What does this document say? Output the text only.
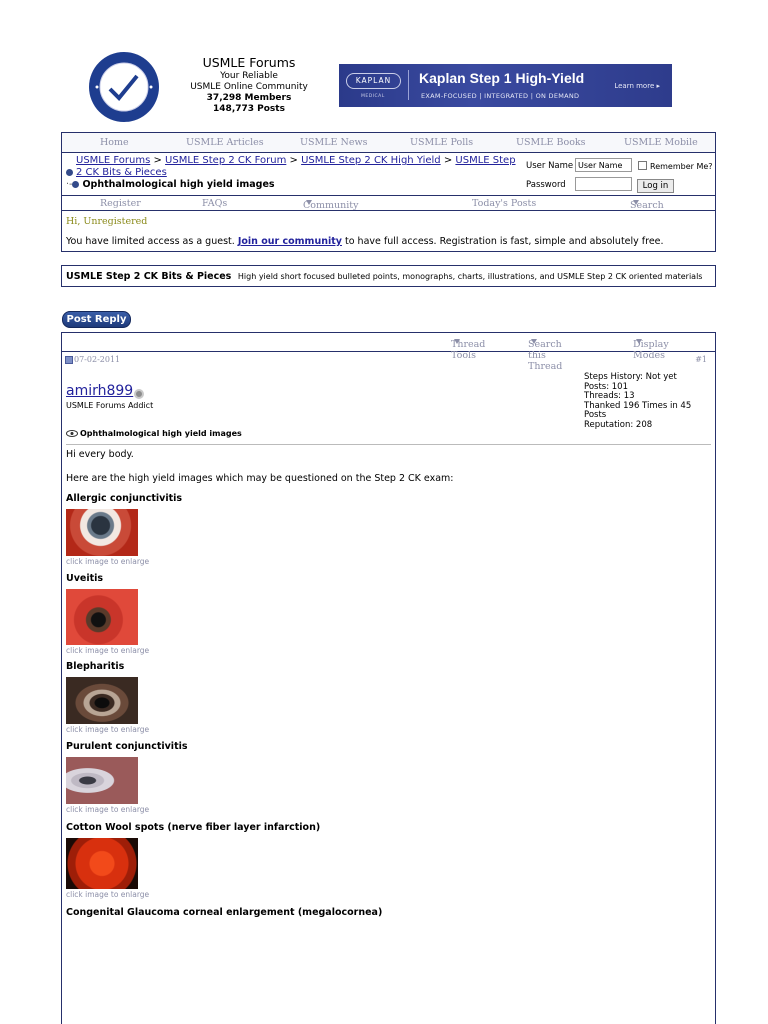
USMLE Forums
Your Reliable
USMLE Online Community
37,298 Members
148,773 Posts
KAPLAN
MEDICAL
Kaplan Step 1 High-Yield
EXAM-FOCUSED | INTEGRATED | ON DEMAND
Learn more ▸
Home	USMLE Articles	USMLE News	USMLE Polls	USMLE Books	USMLE Mobile
USMLE Forums > USMLE Step 2 CK Forum > USMLE Step 2 CK High Yield > USMLE Step
2 CK Bits & Pieces
·- Ophthalmological high yield images
User Name
User Name	Remember Me?
Password	Log in
Register	FAQs	Community	Today's Posts	Search
Hi, Unregistered
You have limited access as a guest. Join our community to have full access. Registration is fast, simple and absolutely free.
USMLE Step 2 CK Bits & Pieces High yield short focused bulleted points, monographs, charts, illustrations, and USMLE Step 2 CK oriented materials
Post Reply
Thread Tools
Search this Thread
Display Modes
07-02-2011	#1
amirh899
USMLE Forums Addict
Steps History: Not yet
Posts: 101
Threads: 13
Thanked 196 Times in 45 Posts
Reputation: 208
Ophthalmological high yield images
Hi every body.
Here are the high yield images which may be questioned on the Step 2 CK exam:
Allergic conjunctivitis
click image to enlarge
Uveitis
click image to enlarge
Blepharitis
click image to enlarge
Purulent conjunctivitis
click image to enlarge
Cotton Wool spots (nerve fiber layer infarction)
click image to enlarge
Congenital Glaucoma corneal enlargement (megalocornea)
